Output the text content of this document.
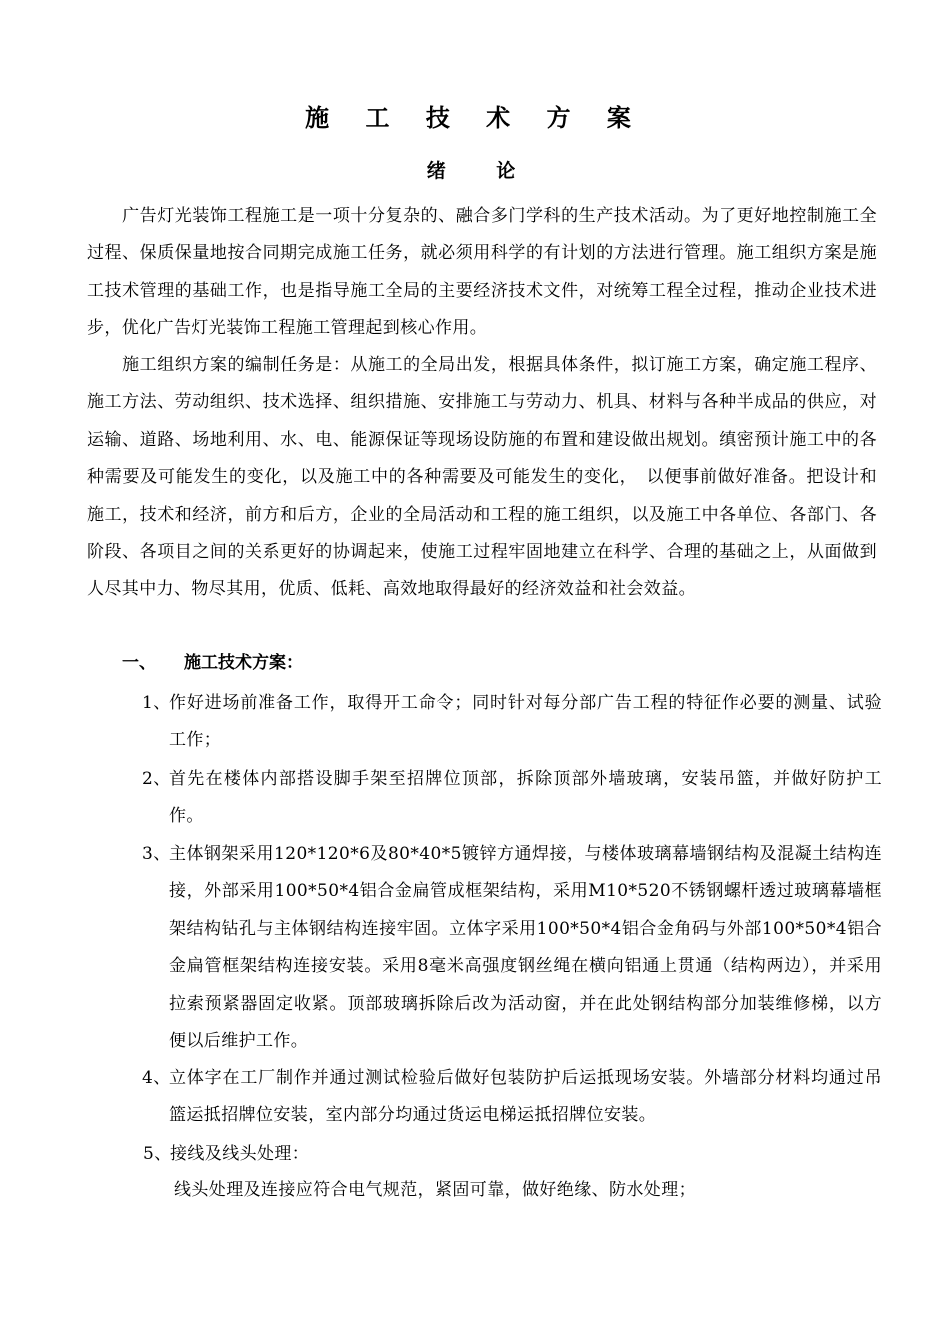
施 工 技 术 方 案
绪 论
　　广告灯光装饰工程施工是一项十分复杂的、融合多门学科的生产技术活动。为了更好地控制施工全过程、保质保量地按合同期完成施工任务，就必须用科学的有计划的方法进行管理。施工组织方案是施工技术管理的基础工作，也是指导施工全局的主要经济技术文件，对统筹工程全过程，推动企业技术进步，优化广告灯光装饰工程施工管理起到核心作用。
　　施工组织方案的编制任务是：从施工的全局出发，根据具体条件，拟订施工方案，确定施工程序、施工方法、劳动组织、技术选择、组织措施、安排施工与劳动力、机具、材料与各种半成品的供应，对运输、道路、场地利用、水、电、能源保证等现场设防施的布置和建设做出规划。缜密预计施工中的各种需要及可能发生的变化，以及施工中的各种需要及可能发生的变化，　以便事前做好准备。把设计和施工，技术和经济，前方和后方，企业的全局活动和工程的施工组织，以及施工中各单位、各部门、各阶段、各项目之间的关系更好的协调起来，使施工过程牢固地建立在科学、合理的基础之上，从面做到人尽其中力、物尽其用，优质、低耗、高效地取得最好的经济效益和社会效益。
一、 施工技术方案：
1、
作好进场前准备工作，取得开工命令；同时针对每分部广告工程的特征作必要的测量、试验工作；
2、
首先在楼体内部搭设脚手架至招牌位顶部，拆除顶部外墙玻璃，安装吊篮，并做好防护工作。
3、
主体钢架采用120*120*6及80*40*5镀锌方通焊接，与楼体玻璃幕墙钢结构及混凝土结构连接，外部采用100*50*4铝合金扁管成框架结构，采用M10*520不锈钢螺杆透过玻璃幕墙框架结构钻孔与主体钢结构连接牢固。立体字采用100*50*4铝合金角码与外部100*50*4铝合金扁管框架结构连接安装。采用8毫米高强度钢丝绳在横向铝通上贯通（结构两边），并采用拉索预紧器固定收紧。顶部玻璃拆除后改为活动窗，并在此处钢结构部分加装维修梯，以方便以后维护工作。
4、
立体字在工厂制作并通过测试检验后做好包装防护后运抵现场安装。外墙部分材料均通过吊篮运抵招牌位安装，室内部分均通过货运电梯运抵招牌位安装。
5、
接线及线头处理：
线头处理及连接应符合电气规范，紧固可靠，做好绝缘、防水处理；
